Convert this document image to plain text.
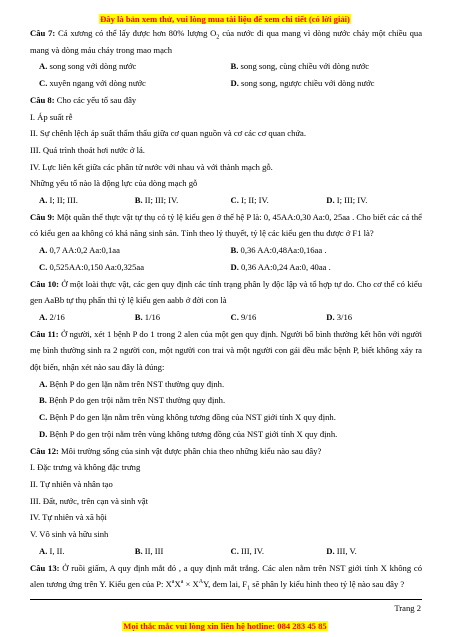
Đây là bản xem thử, vui lòng mua tài liệu để xem chi tiết (có lời giải)

Câu 7: Cá xương có thể lấy được hơn 80% lượng $O_2$ của nước đi qua mang vì dòng nước chảy một chiều qua mang và dòng máu chảy trong mao mạch

A. song song với dòng nước	B. song song, cùng chiều với dòng nước
C. xuyên ngang với dòng nước	D. song song, ngược chiều với dòng nước

Câu 8: Cho các yếu tố sau đây

I. Áp suất rễ

II. Sự chênh lệch áp suất thẩm thấu giữa cơ quan nguồn và cơ các cơ quan chứa.

III. Quá trình thoát hơi nước ở lá.

IV. Lực liên kết giữa các phân tử nước với nhau và với thành mạch gỗ.

Những yếu tố nào là động lực của dòng mạch gỗ

A. I; II; III.	B. II; III; IV.	C. I; II; IV.	D. I; III; IV.

Câu 9: Một quần thể thực vật tự thụ có tỷ lệ kiểu gen ở thế hệ P là: 0, 45AA:0,30 Aa:0, 25aa . Cho biết các cá thể có kiểu gen aa không có khả năng sinh sản. Tính theo lý thuyết, tỷ lệ các kiểu gen thu được ở F1 là?

A. 0,7 AA:0,2 Aa:0,1aa	B. 0,36 AA:0,48Aa:0,16aa .
C. 0,525AA:0,150 Aa:0,325aa	D. 0,36 AA:0,24 Aa:0, 40aa .

Câu 10: Ở một loài thực vật, các gen quy định các tính trạng phân ly độc lập và tổ hợp tự do. Cho cơ thể có kiểu gen AaBb tự thụ phấn thì tỷ lệ kiểu gen aabb ở đời con là

A. 2/16	B. 1/16	C. 9/16	D. 3/16

Câu 11: Ở người, xét 1 bệnh P do 1 trong 2 alen của một gen quy định. Người bố bình thường kết hôn với người mẹ bình thường sinh ra 2 người con, một người con trai và một người con gái đều mắc bệnh P, biết không xảy ra đột biến, nhận xét nào sau đây là đúng:

A. Bệnh P do gen lặn nằm trên NST thường quy định.

B. Bệnh P do gen trội nằm trên NST thường quy định.

C. Bệnh P do gen lặn nằm trên vùng không tương đồng của NST giới tính X quy định.

D. Bệnh P do gen trội nằm trên vùng không tương đồng của NST giới tính X quy định.

Câu 12: Môi trường sống của sinh vật được phân chia theo những kiểu nào sau đây?

I. Đặc trưng và không đặc trưng

II. Tự nhiên và nhân tạo

III. Đất, nước, trên cạn và sinh vật

IV. Tự nhiên và xã hội

V. Vô sinh và hữu sinh

A. I, II.	B. II, III	C. III, IV.	D. III, V.

Câu 13: Ở ruồi giấm, A quy định mắt đỏ , a quy định mắt trắng. Các alen nằm trên NST giới tính X không có alen tương ứng trên Y. Kiểu gen của P: $X^aX^a \times X^AY$, đem lai, $F_1$ sẽ phân ly kiểu hình theo tỷ lệ nào sau đây ?

Trang 2
Mọi thắc mắc vui lòng xin liên hệ hotline: 084 283 45 85
